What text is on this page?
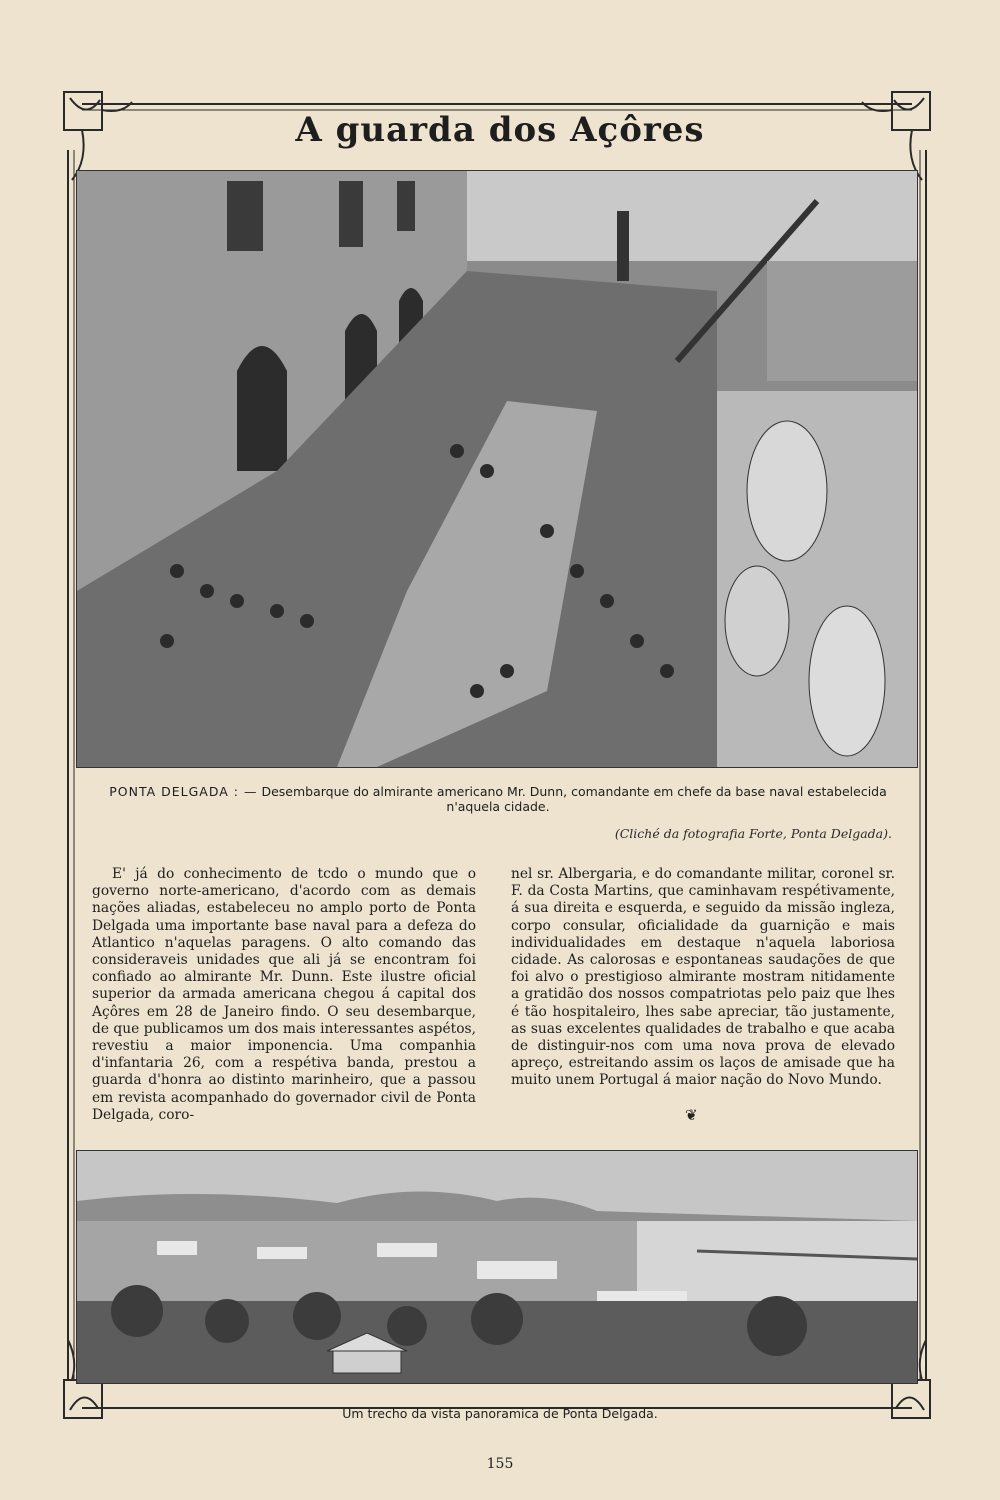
A guarda dos Açôres
PONTA DELGADA : — Desembarque do almirante americano Mr. Dunn, comandante em chefe da base naval estabelecida n'aquela cidade.
(Cliché da fotografia Forte, Ponta Delgada).
E' já do conhecimento de tcdo o mundo que o governo norte-americano, d'acordo com as demais nações aliadas, estabeleceu no amplo porto de Ponta Delgada uma importante base naval para a defeza do Atlantico n'aquelas paragens. O alto comando das consideraveis unidades que ali já se encontram foi confiado ao almirante Mr. Dunn. Este ilustre oficial superior da armada americana chegou á capital dos Açôres em 28 de Janeiro findo. O seu desembarque, de que publicamos um dos mais interessantes aspétos, revestiu a maior imponencia. Uma companhia d'infantaria 26, com a respétiva banda, prestou a guarda d'honra ao distinto marinheiro, que a passou em revista acompanhado do governador civil de Ponta Delgada, coro-
nel sr. Albergaria, e do comandante militar, coronel sr. F. da Costa Martins, que caminhavam respétivamente, á sua direita e esquerda, e seguido da missão ingleza, corpo consular, oficialidade da guarnição e mais individualidades em destaque n'aquela laboriosa cidade. As calorosas e espontaneas saudações de que foi alvo o prestigioso almirante mostram nitidamente a gratidão dos nossos compatriotas pelo paiz que lhes é tão hospitaleiro, lhes sabe apreciar, tão justamente, as suas excelentes qualidades de trabalho e que acaba de distinguir-nos com uma nova prova de elevado apreço, estreitando assim os laços de amisade que ha muito unem Portugal á maior nação do Novo Mundo.
❦
Um trecho da vista panoramica de Ponta Delgada.
155
